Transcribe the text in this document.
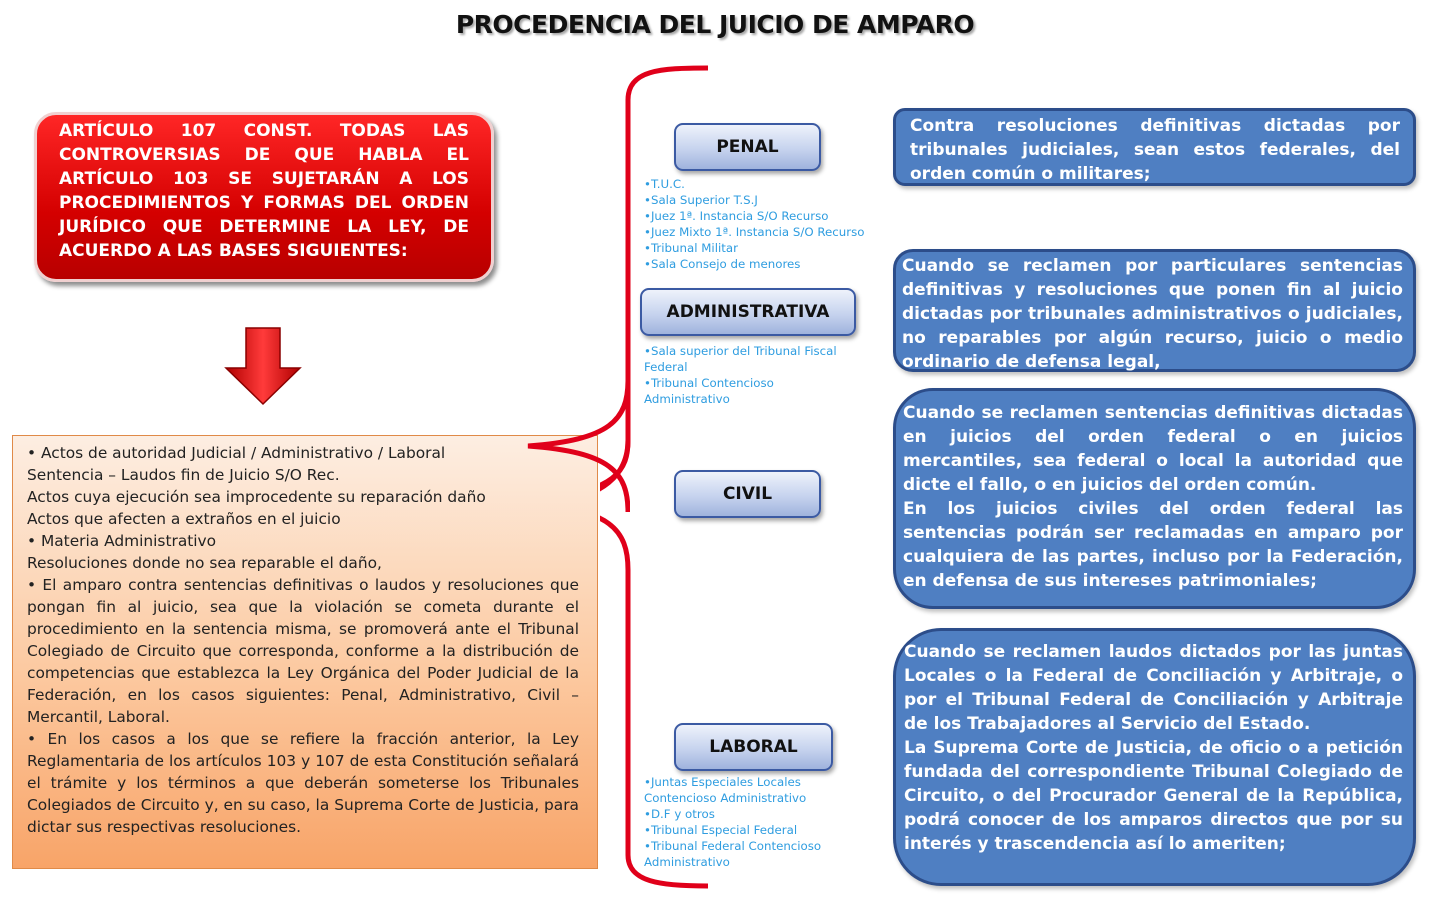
PROCEDENCIA DEL JUICIO DE AMPARO
ARTÍCULO 107 CONST. TODAS LAS CONTROVERSIAS DE QUE HABLA EL ARTÍCULO 103 SE SUJETARÁN A LOS PROCEDIMIENTOS Y FORMAS DEL ORDEN JURÍDICO QUE DETERMINE LA LEY, DE ACUERDO A LAS BASES SIGUIENTES:
• Actos de autoridad Judicial / Administrativo / Laboral
Sentencia – Laudos fin de Juicio S/O Rec.
Actos cuya ejecución sea improcedente su reparación daño
Actos que afecten a extraños en el juicio
• Materia Administrativo
Resoluciones donde no sea reparable el daño,
• El amparo contra sentencias definitivas o laudos y resoluciones que pongan fin al juicio, sea que la violación se cometa durante el procedimiento en la sentencia misma, se promoverá ante el Tribunal Colegiado de Circuito que corresponda, conforme a la distribución de competencias que establezca la Ley Orgánica del Poder Judicial de la Federación, en los casos siguientes: Penal, Administrativo, Civil – Mercantil, Laboral.
• En los casos a los que se refiere la fracción anterior, la Ley Reglamentaria de los artículos 103 y 107 de esta Constitución señalará el trámite y los términos a que deberán someterse los Tribunales Colegiados de Circuito y, en su caso, la Suprema Corte de Justicia, para dictar sus respectivas resoluciones.
PENAL
•T.U.C.
•Sala Superior T.S.J
•Juez 1ª. Instancia S/O Recurso
•Juez Mixto 1ª. Instancia S/O Recurso
•Tribunal Militar
•Sala Consejo de menores
ADMINISTRATIVA
•Sala superior del Tribunal Fiscal Federal
•Tribunal Contencioso Administrativo
CIVIL
LABORAL
•Juntas Especiales Locales Contencioso Administrativo
•D.F y otros
•Tribunal Especial Federal
•Tribunal Federal Contencioso Administrativo
Contra resoluciones definitivas dictadas por tribunales judiciales, sean estos federales, del orden común o militares;
Cuando se reclamen por particulares sentencias definitivas y resoluciones que ponen fin al juicio dictadas por tribunales administrativos o judiciales, no reparables por algún recurso, juicio o medio ordinario de defensa legal,
Cuando se reclamen sentencias definitivas dictadas en juicios del orden federal o en juicios mercantiles, sea federal o local la autoridad que dicte el fallo, o en juicios del orden común.
En los juicios civiles del orden federal las sentencias podrán ser reclamadas en amparo por cualquiera de las partes, incluso por la Federación, en defensa de sus intereses patrimoniales;
Cuando se reclamen laudos dictados por las juntas Locales o la Federal de Conciliación y Arbitraje, o por el Tribunal Federal de Conciliación y Arbitraje de los Trabajadores al Servicio del Estado.
La Suprema Corte de Justicia, de oficio o a petición fundada del correspondiente Tribunal Colegiado de Circuito, o del Procurador General de la República, podrá conocer de los amparos directos que por su interés y trascendencia así lo ameriten;
